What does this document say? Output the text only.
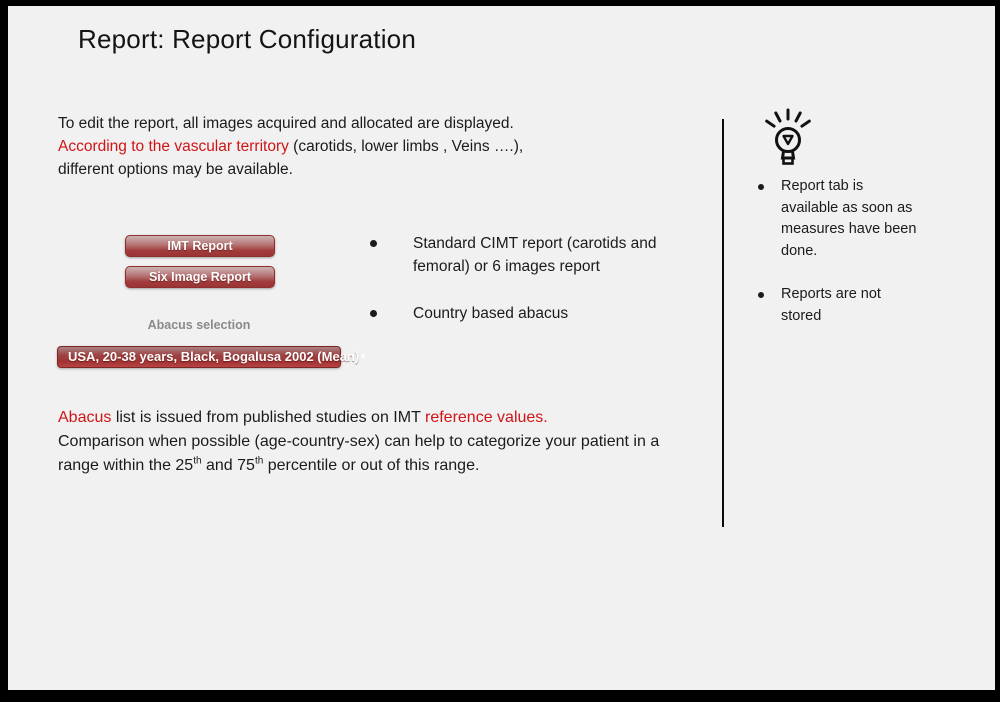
Report: Report Configuration
To edit the report, all images acquired and allocated are displayed.
According to the vascular territory (carotids, lower limbs , Veins ….),
different options may be available.
IMT Report
Six Image Report
Abacus selection
USA, 20-38 years, Black, Bogalusa 2002 (Mean) ▼
Standard CIMT report (carotids and femoral) or 6 images report
Country based abacus
Abacus list is issued from published studies on IMT reference values.
Comparison when possible (age-country-sex) can help to categorize your patient in a range within the 25th and 75th percentile or out of this range.
Report tab is available as soon as measures have been done.
Reports are not stored
